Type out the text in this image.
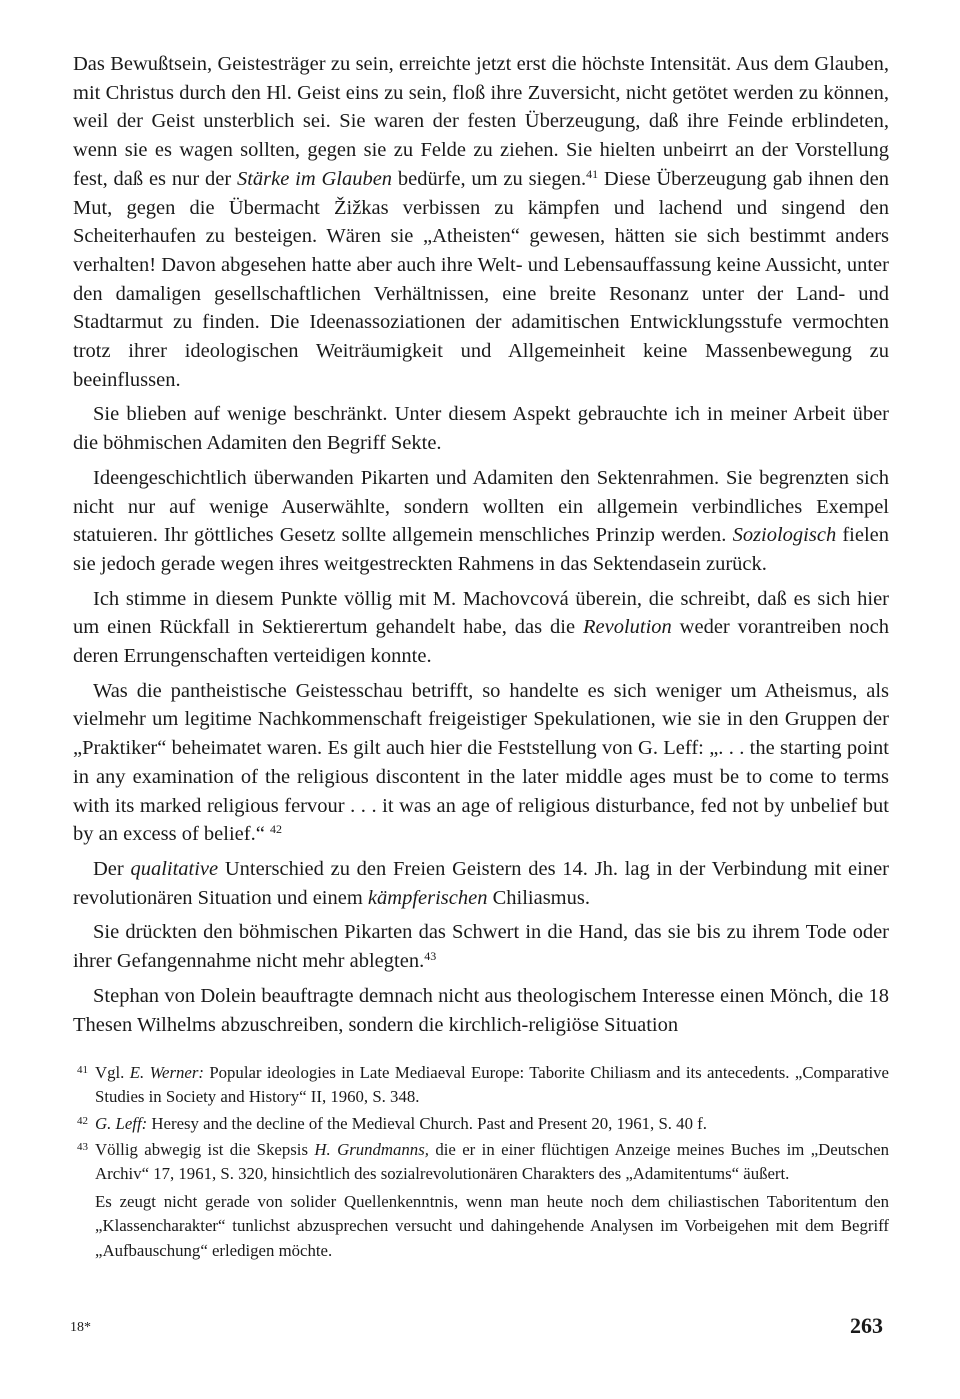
Das Bewußtsein, Geistesträger zu sein, erreichte jetzt erst die höchste Intensität. Aus dem Glauben, mit Christus durch den Hl. Geist eins zu sein, floß ihre Zuversicht, nicht getötet werden zu können, weil der Geist unsterblich sei. Sie waren der festen Überzeugung, daß ihre Feinde erblindeten, wenn sie es wagen sollten, gegen sie zu Felde zu ziehen. Sie hielten unbeirrt an der Vorstellung fest, daß es nur der Stärke im Glauben bedürfe, um zu siegen.$^{41}$ Diese Überzeugung gab ihnen den Mut, gegen die Übermacht Žižkas verbissen zu kämpfen und lachend und singend den Scheiterhaufen zu besteigen. Wären sie „Atheisten“ gewesen, hätten sie sich bestimmt anders verhalten! Davon abgesehen hatte aber auch ihre Welt- und Lebensauffassung keine Aussicht, unter den damaligen gesellschaftlichen Verhältnissen, eine breite Resonanz unter der Land- und Stadtarmut zu finden. Die Ideenassoziationen der adamitischen Entwicklungsstufe vermochten trotz ihrer ideologischen Weiträumigkeit und Allgemeinheit keine Massenbewegung zu beeinflussen.

Sie blieben auf wenige beschränkt. Unter diesem Aspekt gebrauchte ich in meiner Arbeit über die böhmischen Adamiten den Begriff Sekte.

Ideengeschichtlich überwanden Pikarten und Adamiten den Sektenrahmen. Sie begrenzten sich nicht nur auf wenige Auserwählte, sondern wollten ein allgemein verbindliches Exempel statuieren. Ihr göttliches Gesetz sollte allgemein menschliches Prinzip werden. Soziologisch fielen sie jedoch gerade wegen ihres weitgestreckten Rahmens in das Sektendasein zurück.

Ich stimme in diesem Punkte völlig mit M. Machovcová überein, die schreibt, daß es sich hier um einen Rückfall in Sektierertum gehandelt habe, das die Revolution weder vorantreiben noch deren Errungenschaften verteidigen konnte.

Was die pantheistische Geistesschau betrifft, so handelte es sich weniger um Atheismus, als vielmehr um legitime Nachkommenschaft freigeistiger Spekulationen, wie sie in den Gruppen der „Praktiker“ beheimatet waren. Es gilt auch hier die Feststellung von G. Leff: „. . . the starting point in any examination of the religious discontent in the later middle ages must be to come to terms with its marked religious fervour . . . it was an age of religious disturbance, fed not by unbelief but by an excess of belief.“ $^{42}$

Der qualitative Unterschied zu den Freien Geistern des 14. Jh. lag in der Verbindung mit einer revolutionären Situation und einem kämpferischen Chiliasmus.

Sie drückten den böhmischen Pikarten das Schwert in die Hand, das sie bis zu ihrem Tode oder ihrer Gefangennahme nicht mehr ablegten.$^{43}$

Stephan von Dolein beauftragte demnach nicht aus theologischem Interesse einen Mönch, die 18 Thesen Wilhelms abzuschreiben, sondern die kirchlich-religiöse Situation

41 Vgl. E. Werner: Popular ideologies in Late Mediaeval Europe: Taborite Chiliasm and its antecedents. „Comparative Studies in Society and History“ II, 1960, S. 348.
42 G. Leff: Heresy and the decline of the Medieval Church. Past and Present 20, 1961, S. 40 f.
43 Völlig abwegig ist die Skepsis H. Grundmanns, die er in einer flüchtigen Anzeige meines Buches im „Deutschen Archiv“ 17, 1961, S. 320, hinsichtlich des sozialrevolutionären Charakters des „Adamitentums“ äußert.
Es zeugt nicht gerade von solider Quellenkenntnis, wenn man heute noch dem chiliastischen Taboritentum den „Klassencharakter“ tunlichst abzusprechen versucht und dahingehende Analysen im Vorbeigehen mit dem Begriff „Aufbauschung“ erledigen möchte.
18*	263
